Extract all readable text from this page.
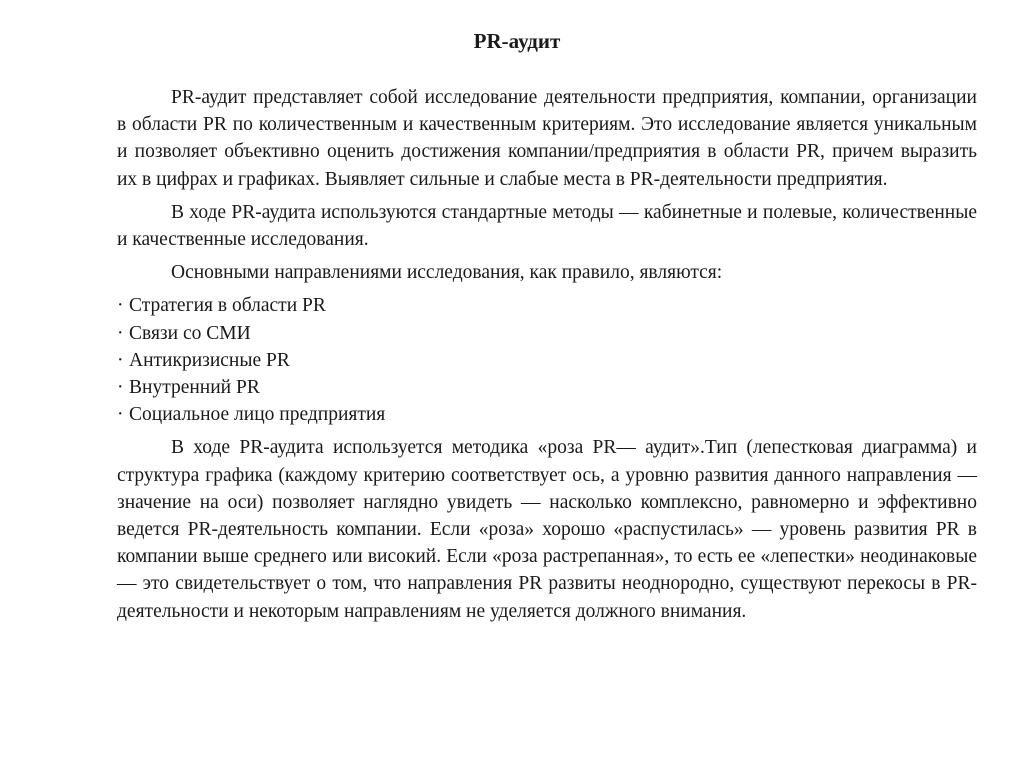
PR-аудит

PR-аудит представляет собой исследование деятельности предприятия, компании, организации в области PR по количественным и качественным критериям. Это исследование является уникальным и позволяет объективно оценить достижения компании/предприятия в области PR, причем выразить их в цифрах и графиках. Выявляет сильные и слабые места в PR-деятельности предприятия.

В ходе PR-аудита используются стандартные методы — кабинетные и полевые, количественные и качественные исследования.

Основными направлениями исследования, как правило, являются:

· Стратегия в области PR
· Связи со СМИ
· Антикризисные PR
· Внутренний PR
· Социальное лицо предприятия

В ходе PR-аудита используется методика «роза PR— аудит».Тип (лепестковая диаграмма) и структура графика (каждому критерию соответствует ось, а уровню развития данного направления — значение на оси) позволяет наглядно увидеть — насколько комплексно, равномерно и эффективно ведется PR-деятельность компании. Если «роза» хорошо «распустилась» — уровень развития PR в компании выше среднего или високий. Если «роза растрепанная», то есть ее «лепестки» неодинаковые — это свидетельствует о том, что направления PR развиты неоднородно, существуют перекосы в PR-деятельности и некоторым направлениям не уделяется должного внимания.
